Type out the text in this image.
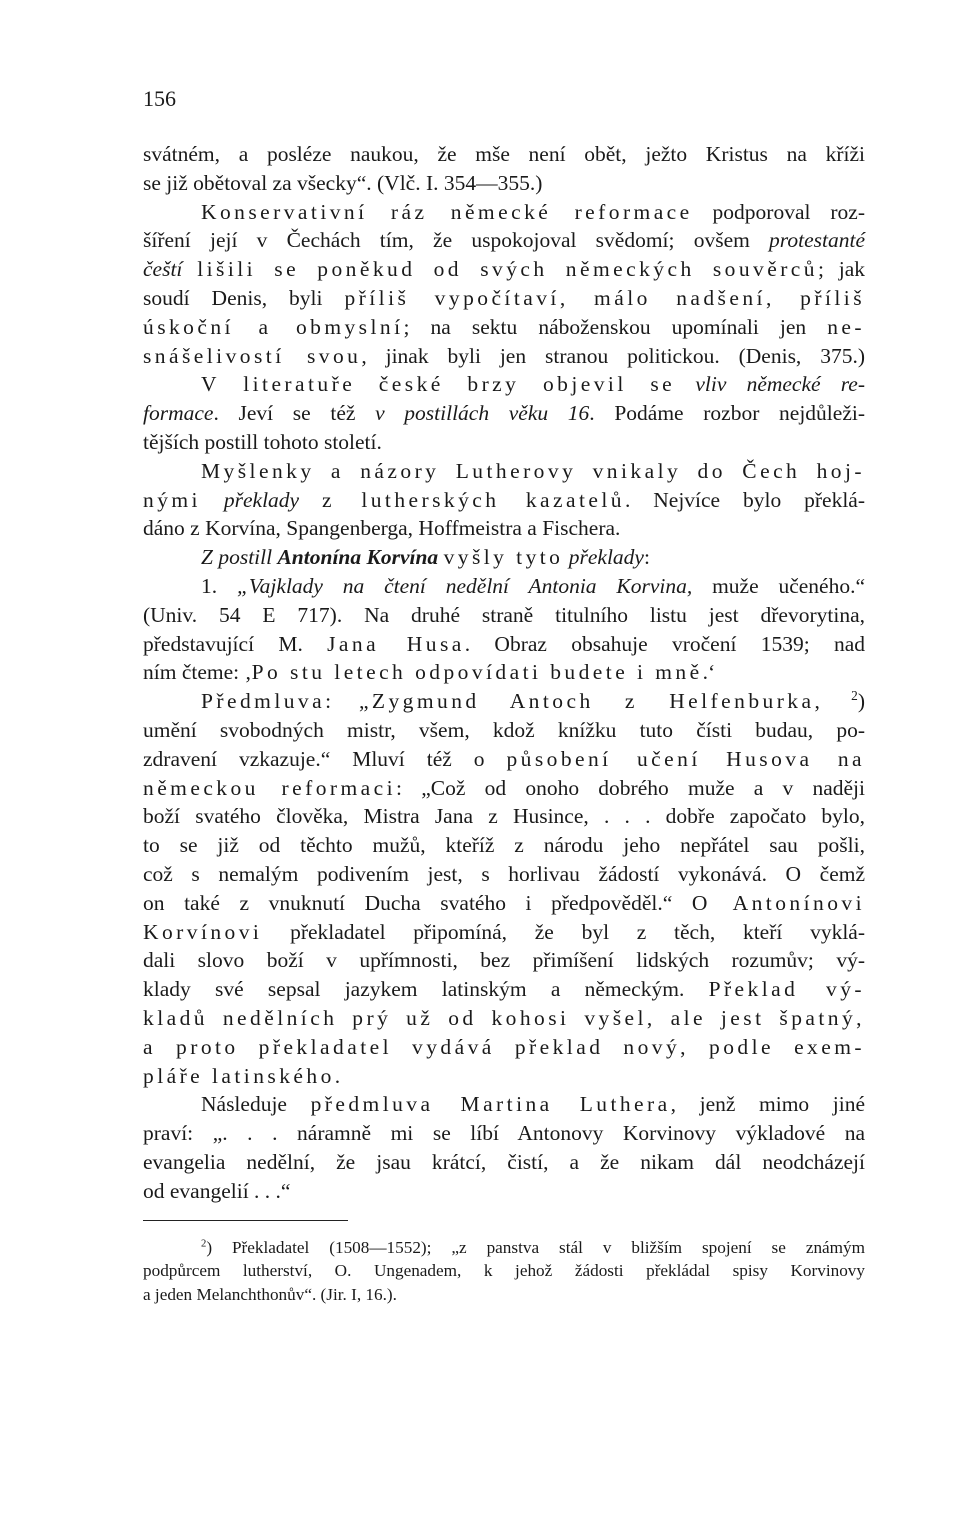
156
svátném, a posléze naukou, že mše není obět, ježto Kristus na kříži
se již obětoval za všecky“. (Vlč. I. 354—355.)
Konservativní ráz německé reformace podporoval roz-
šíření její v Čechách tím, že uspokojoval svědomí; ovšem protestanté
čeští lišili se poněkud od svých německých souvěrců; jak
soudí Denis, byli příliš vypočítaví, málo nadšení, příliš
úskoční a obmyslní; na sektu náboženskou upomínali jen ne-
snášelivostí svou, jinak byli jen stranou politickou. (Denis, 375.)
V literatuře české brzy objevil se vliv německé re-
formace. Jeví se též v postillách věku 16. Podáme rozbor nejdůleži-
tějších postill tohoto století.
Myšlenky a názory Lutherovy vnikaly do Čech hoj-
nými překlady z lutherských kazatelů. Nejvíce bylo překlá-
dáno z Korvína, Spangenberga, Hoffmeistra a Fischera.
Z postill Antonína Korvína vyšly tyto překlady:
1. „Vajklady na čtení nedělní Antonia Korvina, muže učeného.“
(Univ. 54 E 717). Na druhé straně titulního listu jest dřevorytina,
představující M. Jana Husa. Obraz obsahuje vročení 1539; nad
ním čteme: ‚Po stu letech odpovídati budete i mně.‘
Předmluva: „Zygmund Antoch z Helfenburka, $^2$)
umění svobodných mistr, všem, kdož knížku tuto čísti budau, po-
zdravení vzkazuje.“ Mluví též o působení učení Husova na
německou reformaci: „Což od onoho dobrého muže a v naději
boží svatého člověka, Mistra Jana z Husince, . . . dobře započato bylo,
to se již od těchto mužů, kteříž z národu jeho nepřátel sau pošli,
což s nemalým podivením jest, s horlivau žádostí vykonává. O čemž
on také z vnuknutí Ducha svatého i předpověděl.“ O Antonínovi
Korvínovi překladatel připomíná, že byl z těch, kteří vyklá-
dali slovo boží v upřímnosti, bez přimíšení lidských rozumův; vý-
klady své sepsal jazykem latinským a německým. Překlad vý-
kladů nedělních prý už od kohosi vyšel, ale jest špatný,
a proto překladatel vydává překlad nový, podle exem-
pláře latinského.
Následuje předmluva Martina Luthera, jenž mimo jiné
praví: „. . . náramně mi se líbí Antonovy Korvinovy výkladové na
evangelia nedělní, že jsau krátcí, čistí, a že nikam dál neodcházejí
od evangelií . . .“
$^2$) Překladatel (1508—1552); „z panstva stál v bližším spojení se známým
podpůrcem lutherství, O. Ungenadem, k jehož žádosti překládal spisy Korvinovy
a jeden Melanchthonův“. (Jir. I, 16.).
